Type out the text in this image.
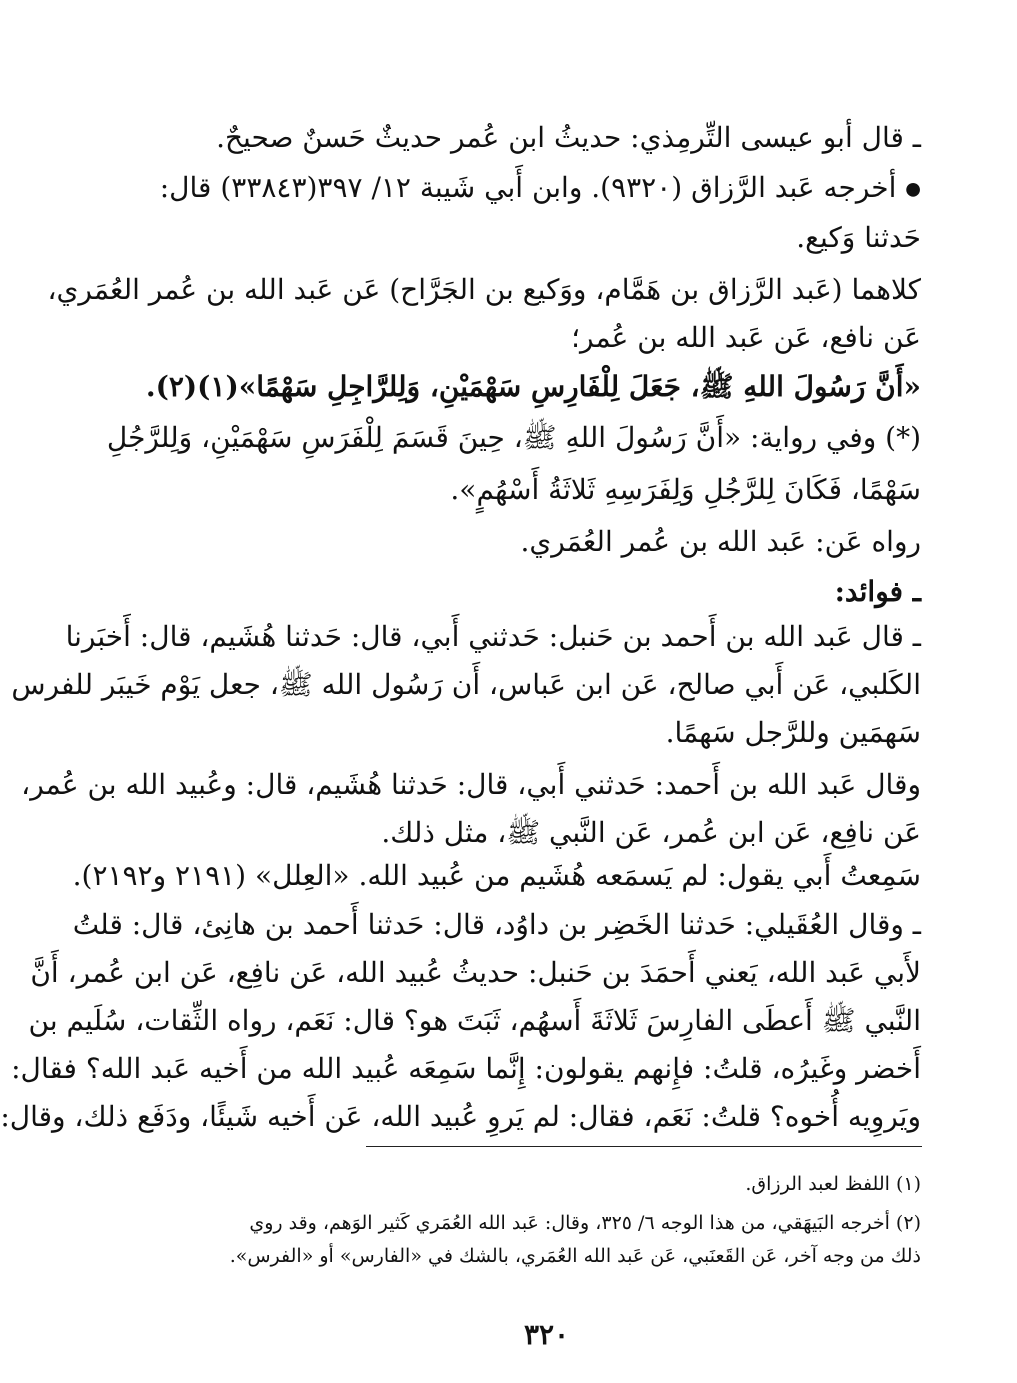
ـ قال أبو عيسى التِّرمِذي: حديثُ ابن عُمر حديثٌ حَسنٌ صحيحٌ.
● أخرجه عَبد الرَّزاق (٩٣٢٠). وابن أَبي شَيبة ١٢/ ٣٩٧(٣٣٨٤٣) قال:
حَدثنا وَكيع.
كلاهما (عَبد الرَّزاق بن هَمَّام، ووَكيع بن الجَرَّاح) عَن عَبد الله بن عُمر العُمَري،
عَن نافع، عَن عَبد الله بن عُمر؛
«أَنَّ رَسُولَ اللهِ ﷺ، جَعَلَ لِلْفَارِسِ سَهْمَيْنِ، وَلِلرَّاجِلِ سَهْمًا»(١)(٢).
(*) وفي رواية: «أَنَّ رَسُولَ اللهِ ﷺ، حِينَ قَسَمَ لِلْفَرَسِ سَهْمَيْنِ، وَلِلرَّجُلِ
سَهْمًا، فَكَانَ لِلرَّجُلِ وَلِفَرَسِهِ ثَلاثَةُ أَسْهُمٍ».
رواه عَن: عَبد الله بن عُمر العُمَري.
ـ فوائد:
ـ قال عَبد الله بن أَحمد بن حَنبل: حَدثني أَبي، قال: حَدثنا هُشَيم، قال: أَخبَرنا
الكَلبي، عَن أَبي صالح، عَن ابن عَباس، أَن رَسُول الله ﷺ، جعل يَوْم خَيبَر للفرس
سَهمَين وللرَّجل سَهمًا.
وقال عَبد الله بن أَحمد: حَدثني أَبي، قال: حَدثنا هُشَيم، قال: وعُبيد الله بن عُمر،
عَن نافِع، عَن ابن عُمر، عَن النَّبي ﷺ، مثل ذلك.
سَمِعتُ أَبي يقول: لم يَسمَعه هُشَيم من عُبيد الله. «العِلل» (٢١٩١ و٢١٩٢).
ـ وقال العُقَيلي: حَدثنا الخَضِر بن داوُد، قال: حَدثنا أَحمد بن هانِئ، قال: قلتُ
لأَبي عَبد الله، يَعني أَحمَدَ بن حَنبل: حديثُ عُبيد الله، عَن نافِع، عَن ابن عُمر، أَنَّ
النَّبي ﷺ أَعطَى الفارِسَ ثَلاثَةَ أَسهُم، ثَبَتَ هو؟ قال: نَعَم، رواه الثِّقات، سُلَيم بن
أَخضر وغَيرُه، قلتُ: فإِنهم يقولون: إِنَّما سَمِعَه عُبيد الله من أَخيه عَبد الله؟ فقال:
ويَروِيه أُخوه؟ قلتُ: نَعَم، فقال: لم يَروِ عُبيد الله، عَن أَخيه شَيئًا، ودَفَع ذلك، وقال:
(١) اللفظ لعبد الرزاق.
(٢) أخرجه البَيهَقي، من هذا الوجه ٦/ ٣٢٥، وقال: عَبد الله العُمَري كَثير الوَهم، وقد روي
ذلك من وجه آخر، عَن القَعنَبي، عَن عَبد الله العُمَري، بالشك في «الفارس» أو «الفرس».
٣٢٠
